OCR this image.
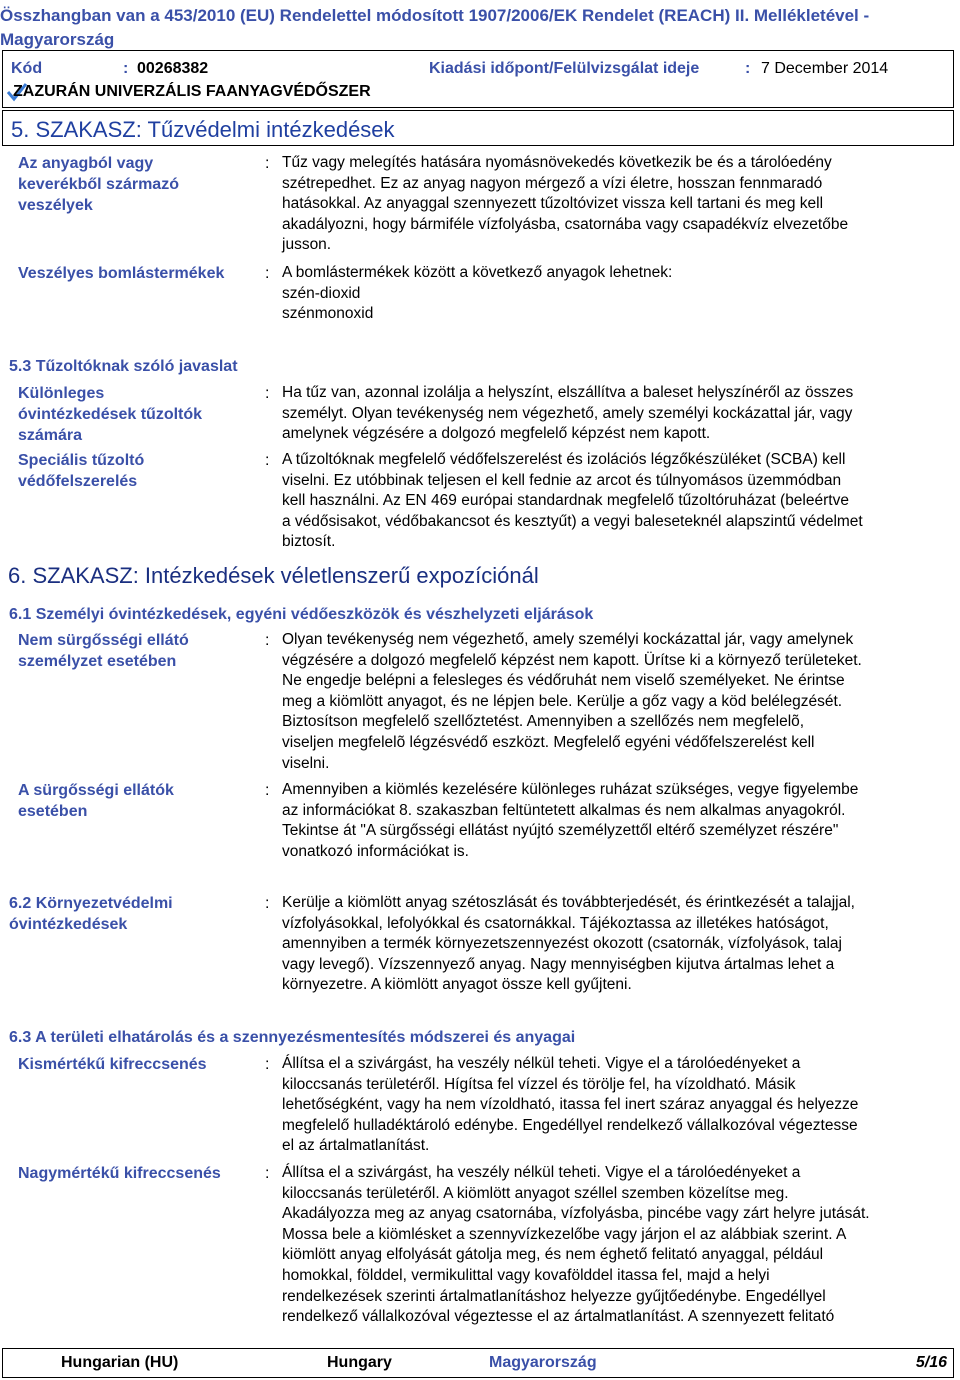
Összhangban van a 453/2010 (EU) Rendelettel módosított 1907/2006/EK Rendelet (REACH) II. Mellékletével - Magyarország
Kód	: 00268382	Kiadási időpont/Felülvizsgálat ideje	: 7 December 2014
ZAZURÁN UNIVERZÁLIS FAANYAGVÉDŐSZER
5. SZAKASZ: Tűzvédelmi intézkedések
Az anyagból vagy
keverékből származó
veszélyek
: Tűz vagy melegítés hatására nyomásnövekedés következik be és a tárolóedény
szétrepedhet. Ez az anyag nagyon mérgező a vízi életre, hosszan fennmaradó
hatásokkal. Az anyaggal szennyezett tűzoltóvizet vissza kell tartani és meg kell
akadályozni, hogy bármiféle vízfolyásba, csatornába vagy csapadékvíz elvezetőbe
jusson.
Veszélyes bomlástermékek	: A bomlástermékek között a következő anyagok lehetnek:
szén-dioxid
szénmonoxid
5.3 Tűzoltóknak szóló javaslat
Különleges
óvintézkedések tűzoltók
számára
: Ha tűz van, azonnal izolálja a helyszínt, elszállítva a baleset helyszínéről az összes
személyt. Olyan tevékenység nem végezhető, amely személyi kockázattal jár, vagy
amelynek végzésére a dolgozó megfelelő képzést nem kapott.
Speciális tűzoltó
védőfelszerelés
: A tűzoltóknak megfelelő védőfelszerelést és izolációs légzőkészüléket (SCBA) kell
viselni. Ez utóbbinak teljesen el kell fednie az arcot és túlnyomásos üzemmódban
kell használni. Az EN 469 európai standardnak megfelelő tűzoltóruházat (beleértve
a védősisakot, védőbakancsot és kesztyűt) a vegyi baleseteknél alapszintű védelmet
biztosít.
6. SZAKASZ: Intézkedések véletlenszerű expozíciónál
6.1 Személyi óvintézkedések, egyéni védőeszközök és vészhelyzeti eljárások
Nem sürgősségi ellátó
személyzet esetében
: Olyan tevékenység nem végezhető, amely személyi kockázattal jár, vagy amelynek
végzésére a dolgozó megfelelő képzést nem kapott. Ürítse ki a környező területeket.
Ne engedje belépni a felesleges és védőruhát nem viselő személyeket. Ne érintse
meg a kiömlött anyagot, és ne lépjen bele. Kerülje a gőz vagy a köd belélegzését.
Biztosítson megfelelő szellőztetést. Amennyiben a szellőzés nem megfelelõ,
viseljen megfelelõ légzésvédő eszközt. Megfelelő egyéni védőfelszerelést kell
viselni.
A sürgősségi ellátók
esetében
: Amennyiben a kiömlés kezelésére különleges ruházat szükséges, vegye figyelembe
az információkat 8. szakaszban feltüntetett alkalmas és nem alkalmas anyagokról.
Tekintse át "A sürgősségi ellátást nyújtó személyzettől eltérő személyzet részére"
vonatkozó információkat is.
6.2 Környezetvédelmi
óvintézkedések
: Kerülje a kiömlött anyag szétoszlását és továbbterjedését, és érintkezését a talajjal,
vízfolyásokkal, lefolyókkal és csatornákkal. Tájékoztassa az illetékes hatóságot,
amennyiben a termék környezetszennyezést okozott (csatornák, vízfolyások, talaj
vagy levegő). Vízszennyező anyag. Nagy mennyiségben kijutva ártalmas lehet a
környezetre. A kiömlött anyagot össze kell gyűjteni.
6.3 A területi elhatárolás és a szennyezésmentesítés módszerei és anyagai
Kismértékű kifreccsenés	: Állítsa el a szivárgást, ha veszély nélkül teheti. Vigye el a tárolóedényeket a
kiloccsanás területéről. Hígítsa fel vízzel és törölje fel, ha vízoldható. Másik
lehetőségként, vagy ha nem vízoldható, itassa fel inert száraz anyaggal és helyezze
megfelelő hulladéktároló edénybe. Engedéllyel rendelkező vállalkozóval végeztesse
el az ártalmatlanítást.
Nagymértékű kifreccsenés	: Állítsa el a szivárgást, ha veszély nélkül teheti. Vigye el a tárolóedényeket a
kiloccsanás területéről. A kiömlött anyagot széllel szemben közelítse meg.
Akadályozza meg az anyag csatornába, vízfolyásba, pincébe vagy zárt helyre jutását.
Mossa bele a kiömlésket a szennyvízkezelőbe vagy járjon el az alábbiak szerint. A
kiömlött anyag elfolyását gátolja meg, és nem éghető felitató anyaggal, például
homokkal, földdel, vermikulittal vagy kovafölddel itassa fel, majd a helyi
rendelkezések szerinti ártalmatlanításhoz helyezze gyűjtőedénybe. Engedéllyel
rendelkező vállalkozóval végeztesse el az ártalmatlanítást. A szennyezett felitató
Hungarian (HU)	Hungary	Magyarország	5/16
